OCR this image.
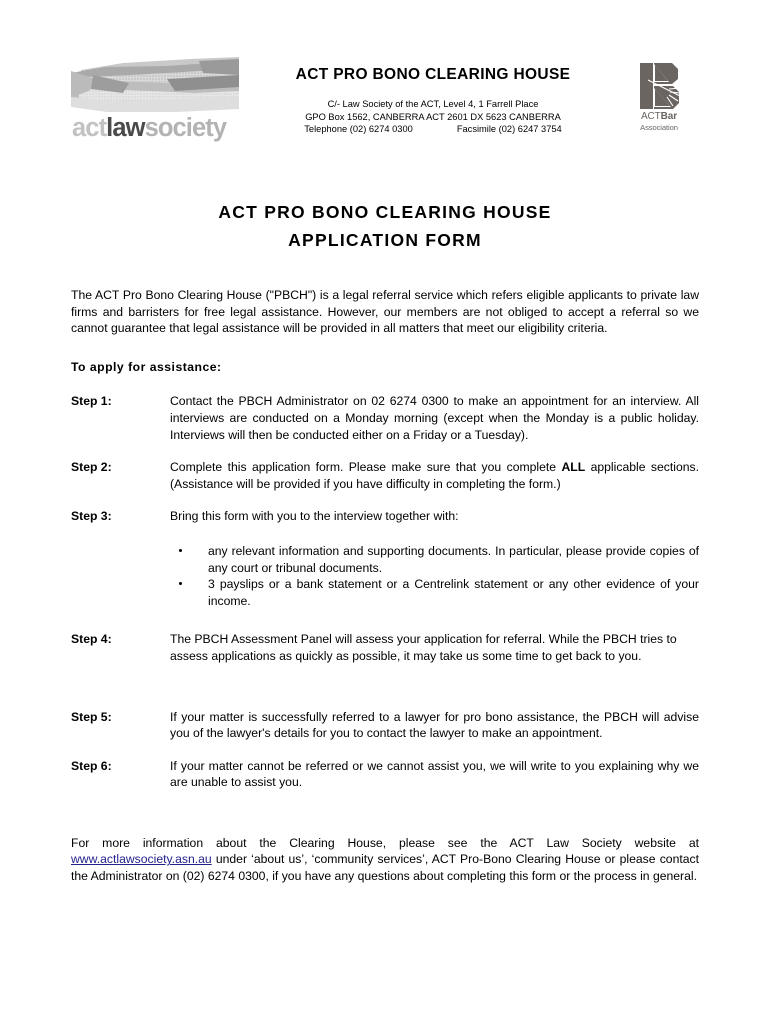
actlawsociety
ACT PRO BONO CLEARING HOUSE
C/- Law Society of the ACT, Level 4, 1 Farrell Place
GPO Box 1562, CANBERRA ACT 2601 DX 5623 CANBERRA
Telephone (02) 6274 0300	Facsimile (02) 6247 3754
ACTBar
Association
ACT PRO BONO CLEARING HOUSE
APPLICATION FORM

The ACT Pro Bono Clearing House ("PBCH") is a legal referral service which refers eligible applicants to private law firms and barristers for free legal assistance. However, our members are not obliged to accept a referral so we cannot guarantee that legal assistance will be provided in all matters that meet our eligibility criteria.

To apply for assistance:

Step 1:	Contact the PBCH Administrator on 02 6274 0300 to make an appointment for an interview. All interviews are conducted on a Monday morning (except when the Monday is a public holiday. Interviews will then be conducted either on a Friday or a Tuesday).
Step 2:	Complete this application form. Please make sure that you complete ALL applicable sections. (Assistance will be provided if you have difficulty in completing the form.)
Step 3:	Bring this form with you to the interview together with:
any relevant information and supporting documents. In particular, please provide copies of any court or tribunal documents.
3 payslips or a bank statement or a Centrelink statement or any other evidence of your income.
Step 4:	The PBCH Assessment Panel will assess your application for referral. While the PBCH tries to assess applications as quickly as possible, it may take us some time to get back to you.
Step 5:	If your matter is successfully referred to a lawyer for pro bono assistance, the PBCH will advise you of the lawyer's details for you to contact the lawyer to make an appointment.
Step 6:	If your matter cannot be referred or we cannot assist you, we will write to you explaining why we are unable to assist you.

For more information about the Clearing House, please see the ACT Law Society website at www.actlawsociety.asn.au under ‘about us’, ‘community services’, ACT Pro-Bono Clearing House or please contact the Administrator on (02) 6274 0300, if you have any questions about completing this form or the process in general.
